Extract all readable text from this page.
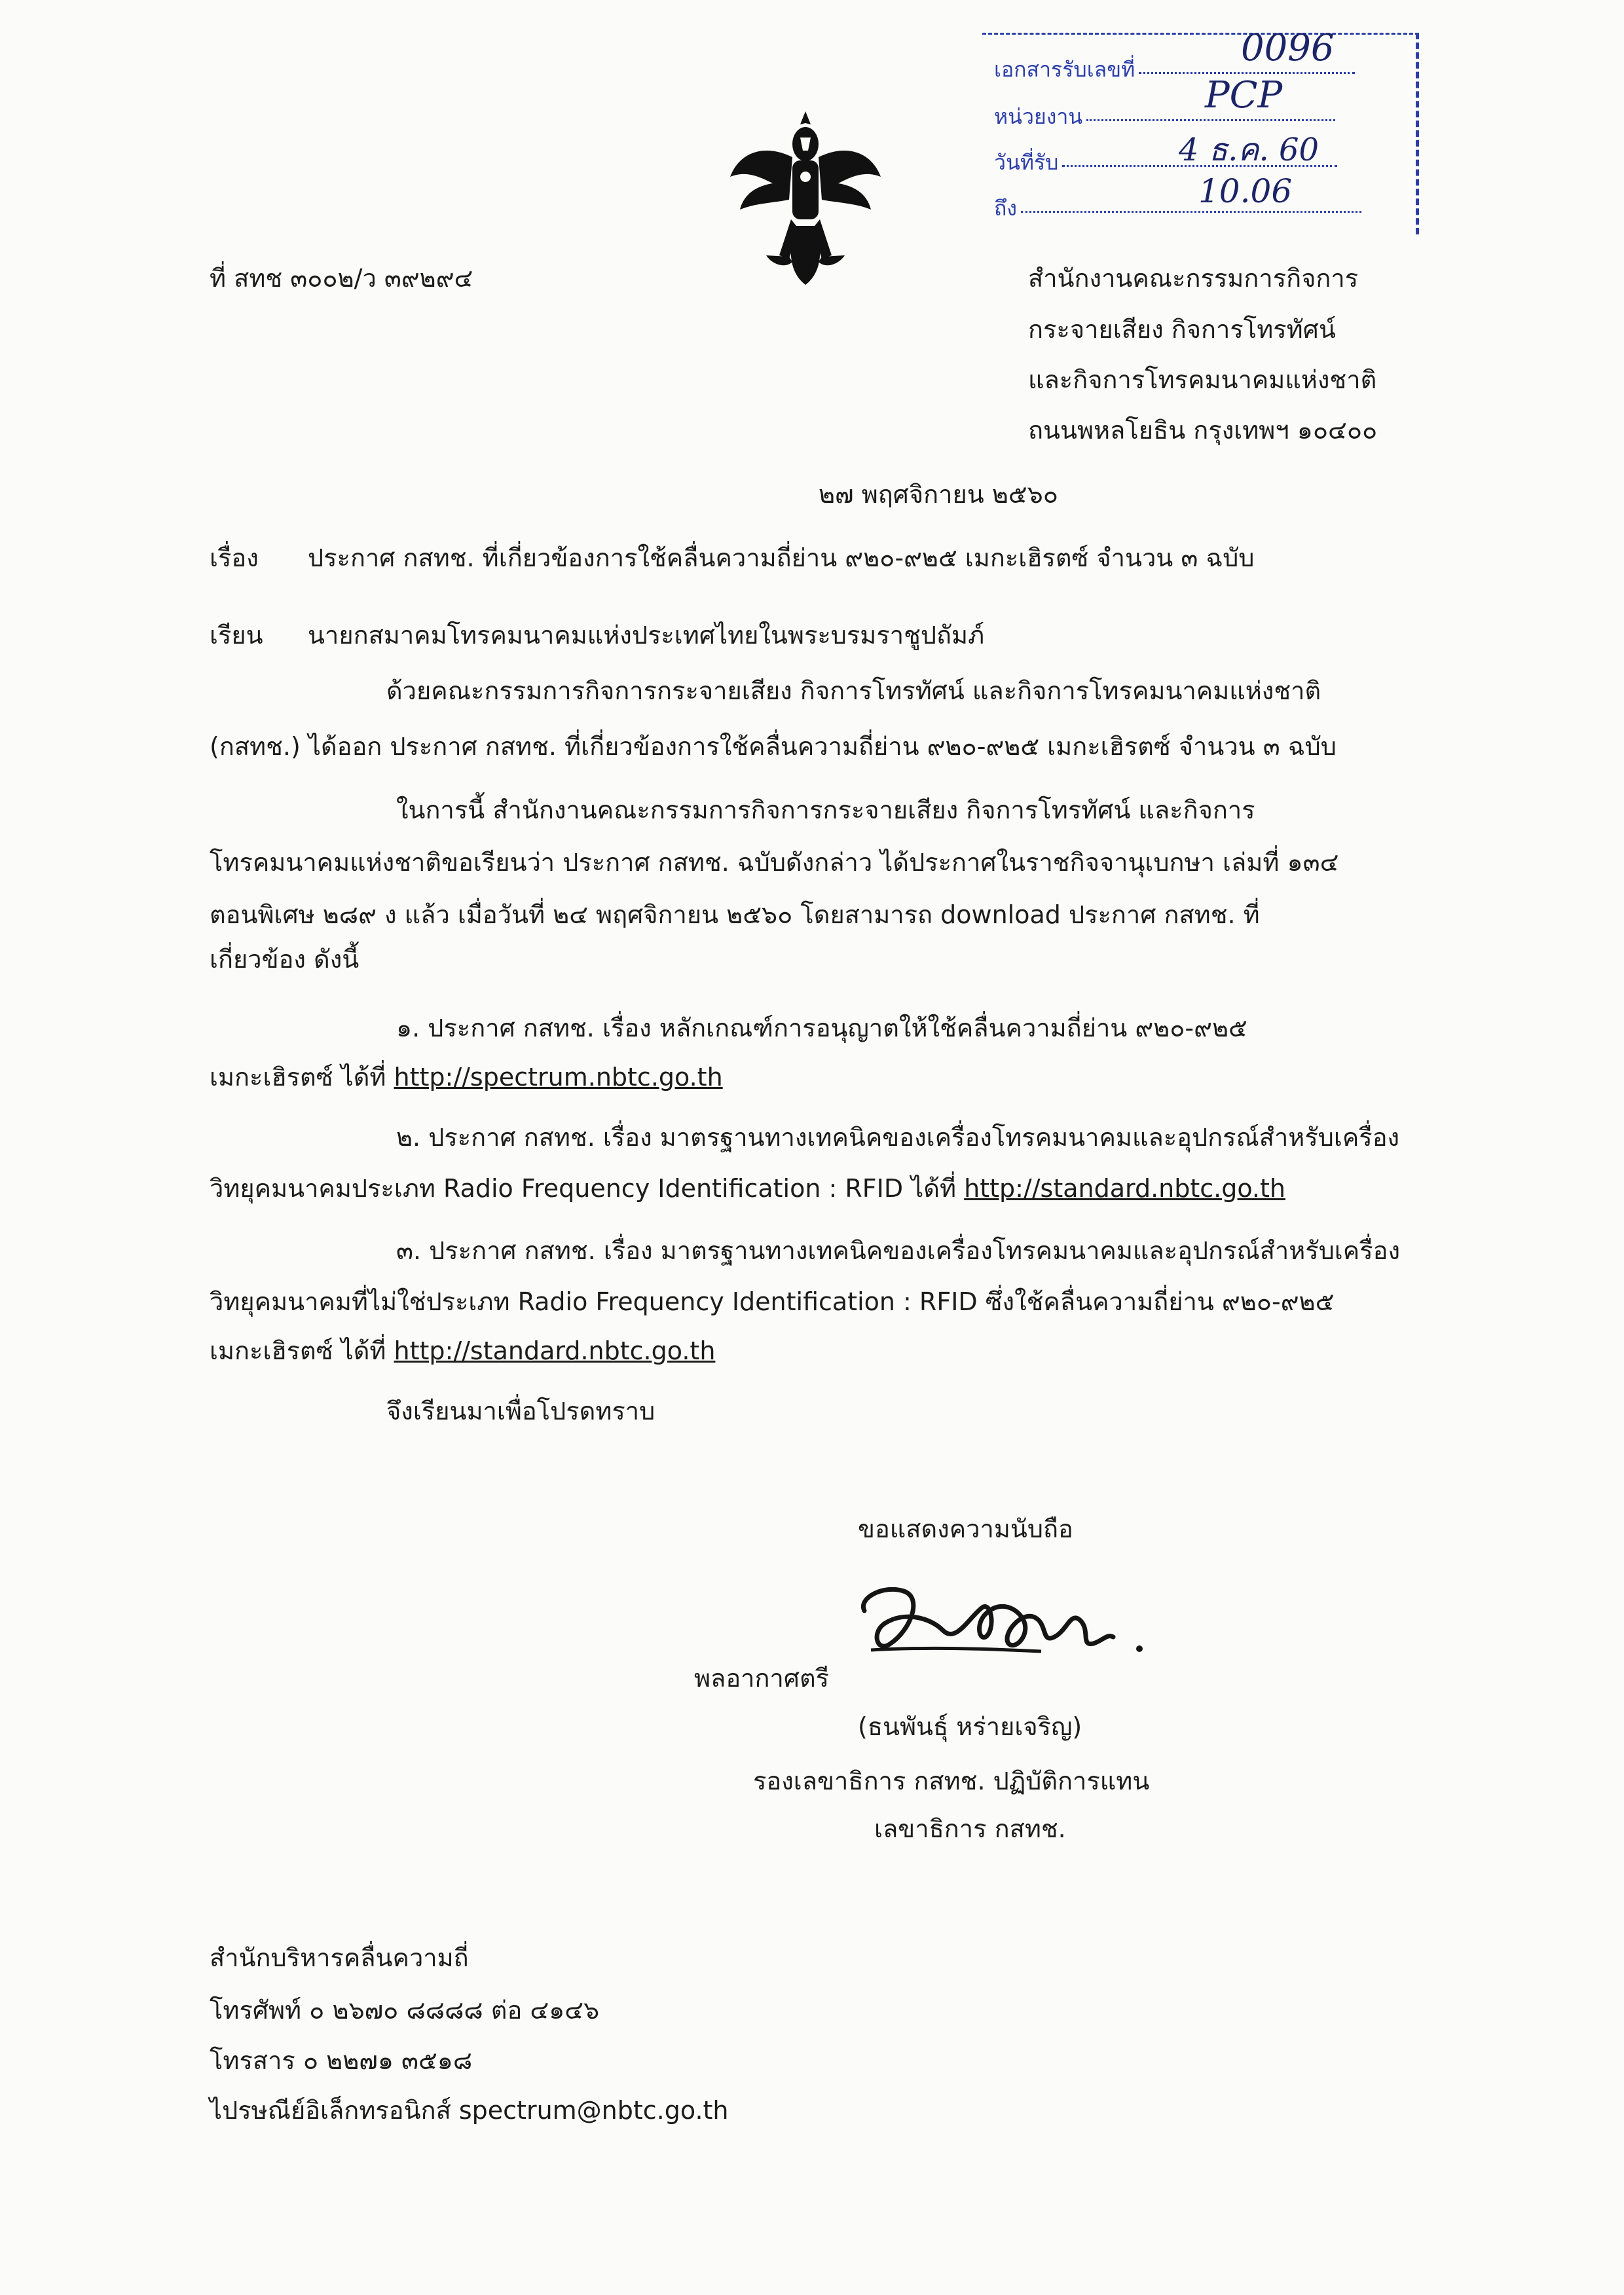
เอกสารรับเลขที่
หน่วยงาน
วันที่รับ
ถึง
0096
PCP
4 ธ.ค. 60
10.06
ที่ สทช ๓๐๐๒/ว ๓๙๒๙๔	สำนักงานคณะกรรมการกิจการ
กระจายเสียง กิจการโทรทัศน์
และกิจการโทรคมนาคมแห่งชาติ
ถนนพหลโยธิน กรุงเทพฯ ๑๐๔๐๐
๒๗ พฤศจิกายน ๒๕๖๐
เรื่อง ประกาศ กสทช. ที่เกี่ยวข้องการใช้คลื่นความถี่ย่าน ๙๒๐-๙๒๕ เมกะเฮิรตซ์ จำนวน ๓ ฉบับ
เรียน นายกสมาคมโทรคมนาคมแห่งประเทศไทยในพระบรมราชูปถัมภ์
ด้วยคณะกรรมการกิจการกระจายเสียง กิจการโทรทัศน์ และกิจการโทรคมนาคมแห่งชาติ
(กสทช.) ได้ออก ประกาศ กสทช. ที่เกี่ยวข้องการใช้คลื่นความถี่ย่าน ๙๒๐-๙๒๕ เมกะเฮิรตซ์ จำนวน ๓ ฉบับ
ในการนี้ สำนักงานคณะกรรมการกิจการกระจายเสียง กิจการโทรทัศน์ และกิจการ
โทรคมนาคมแห่งชาติขอเรียนว่า ประกาศ กสทช. ฉบับดังกล่าว ได้ประกาศในราชกิจจานุเบกษา เล่มที่ ๑๓๔
ตอนพิเศษ ๒๘๙ ง แล้ว เมื่อวันที่ ๒๔ พฤศจิกายน ๒๕๖๐ โดยสามารถ download ประกาศ กสทช. ที่
เกี่ยวข้อง ดังนี้
๑. ประกาศ กสทช. เรื่อง หลักเกณฑ์การอนุญาตให้ใช้คลื่นความถี่ย่าน ๙๒๐-๙๒๕
เมกะเฮิรตซ์ ได้ที่ http://spectrum.nbtc.go.th
๒. ประกาศ กสทช. เรื่อง มาตรฐานทางเทคนิคของเครื่องโทรคมนาคมและอุปกรณ์สำหรับเครื่อง
วิทยุคมนาคมประเภท Radio Frequency Identification : RFID ได้ที่ http://standard.nbtc.go.th
๓. ประกาศ กสทช. เรื่อง มาตรฐานทางเทคนิคของเครื่องโทรคมนาคมและอุปกรณ์สำหรับเครื่อง
วิทยุคมนาคมที่ไม่ใช่ประเภท Radio Frequency Identification : RFID ซึ่งใช้คลื่นความถี่ย่าน ๙๒๐-๙๒๕
เมกะเฮิรตซ์ ได้ที่ http://standard.nbtc.go.th
จึงเรียนมาเพื่อโปรดทราบ
ขอแสดงความนับถือ
พลอากาศตรี
(ธนพันธุ์ หร่ายเจริญ)
รองเลขาธิการ กสทช. ปฏิบัติการแทน
เลขาธิการ กสทช.
สำนักบริหารคลื่นความถี่
โทรศัพท์ ๐ ๒๖๗๐ ๘๘๘๘ ต่อ ๔๑๔๖
โทรสาร ๐ ๒๒๗๑ ๓๕๑๘
ไปรษณีย์อิเล็กทรอนิกส์ spectrum@nbtc.go.th
